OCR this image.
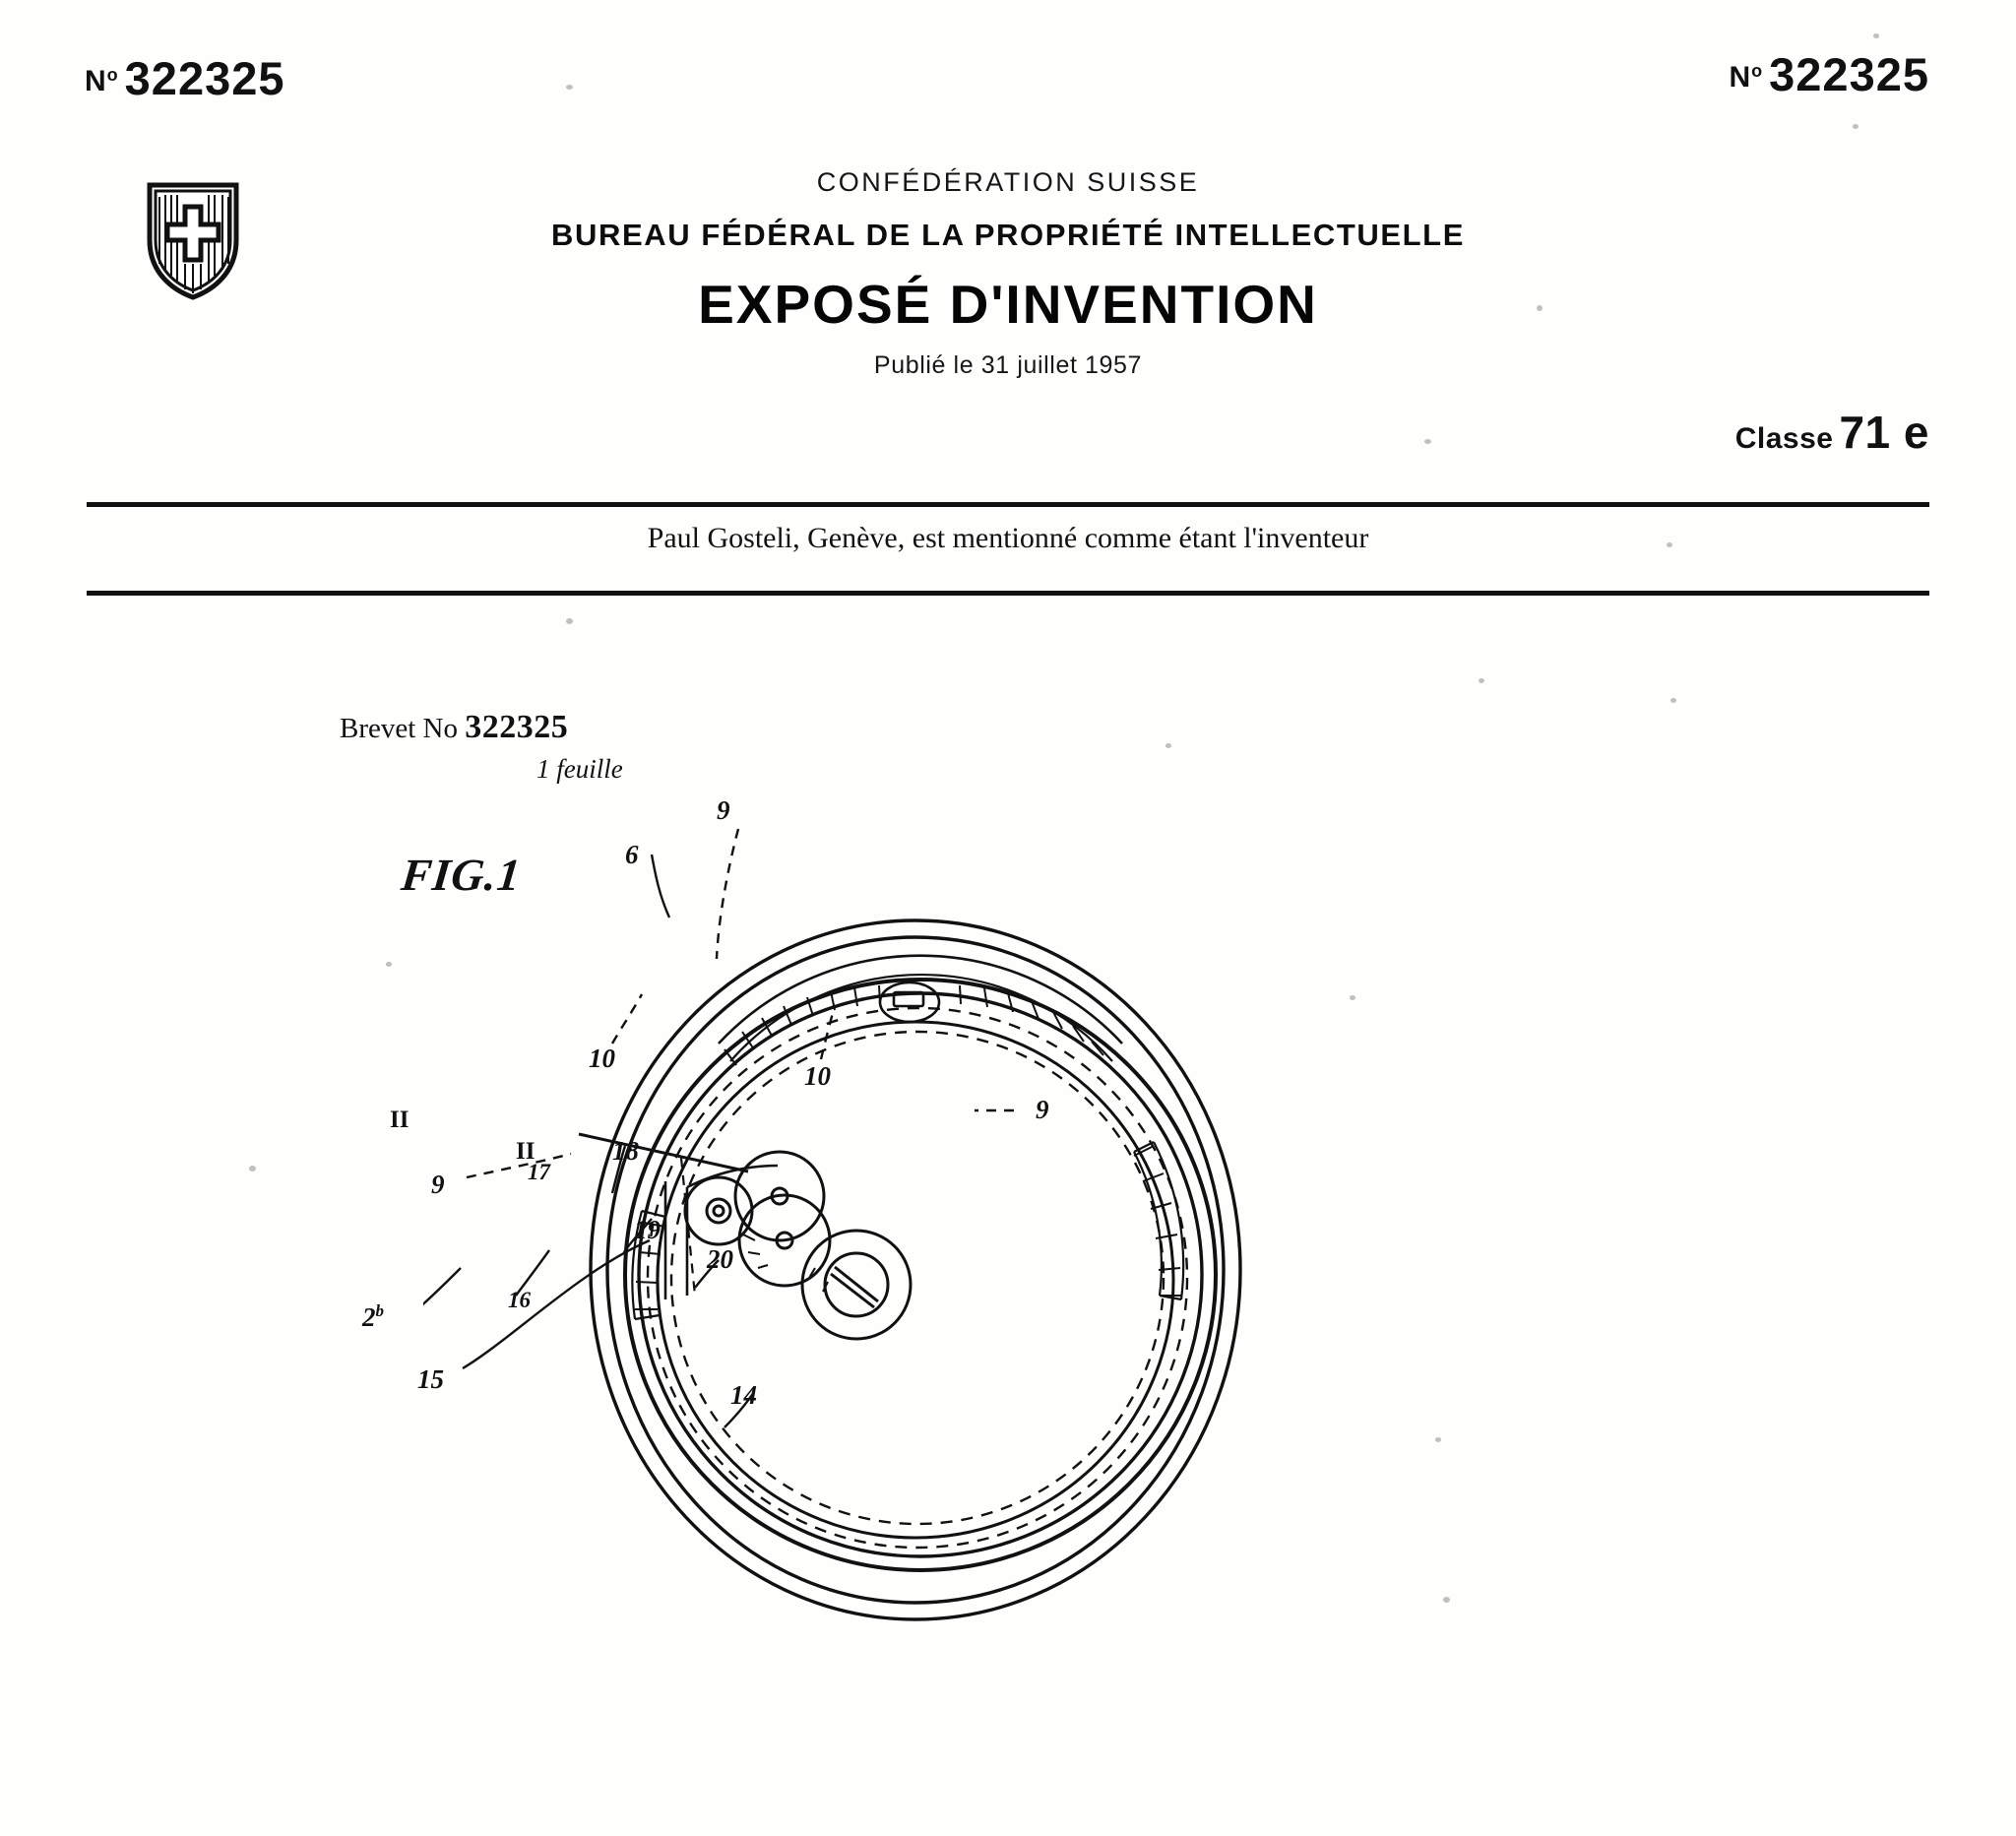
$N^o$ 322325	$N^o$ 322325
CONFÉDÉRATION SUISSE
BUREAU FÉDÉRAL DE LA PROPRIÉTÉ INTELLECTUELLE
EXPOSÉ D'INVENTION
Publié le 31 juillet 1957
Classe 71 e
Paul Gosteli, Genève, est mentionné comme étant l'inventeur
Brevet No 322325
1 feuille
FIG.1	6
9
10
10
9
9	17
18
19
20
16
15
2$^b$
14
II
II
